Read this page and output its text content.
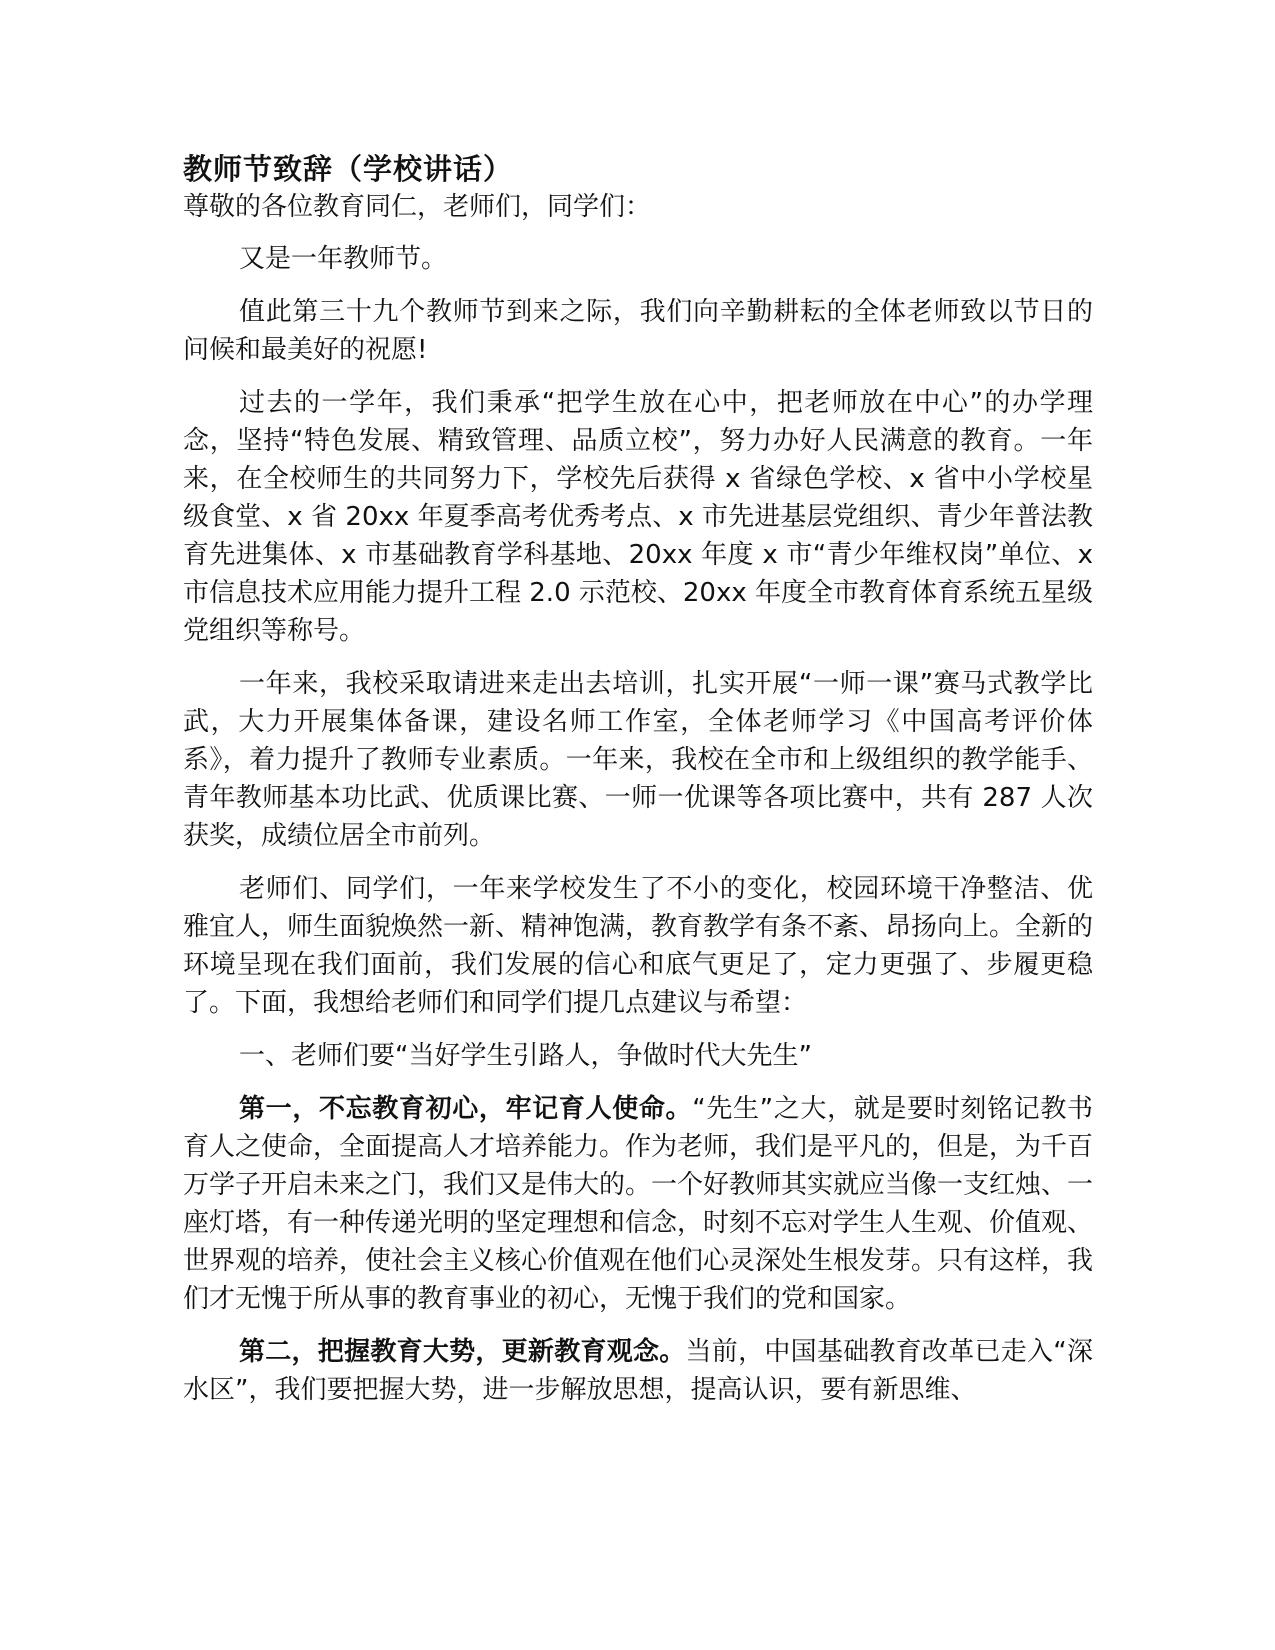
教师节致辞（学校讲话）

尊敬的各位教育同仁，老师们，同学们：

又是一年教师节。

值此第三十九个教师节到来之际，我们向辛勤耕耘的全体老师致以节日的问候和最美好的祝愿!

过去的一学年，我们秉承“把学生放在心中，把老师放在中心”的办学理念，坚持“特色发展、精致管理、品质立校”，努力办好人民满意的教育。一年来，在全校师生的共同努力下，学校先后获得 x 省绿色学校、x 省中小学校星级食堂、x 省 20xx 年夏季高考优秀考点、x 市先进基层党组织、青少年普法教育先进集体、x 市基础教育学科基地、20xx 年度 x 市“青少年维权岗”单位、x 市信息技术应用能力提升工程 2.0 示范校、20xx 年度全市教育体育系统五星级党组织等称号。

一年来，我校采取请进来走出去培训，扎实开展“一师一课”赛马式教学比武，大力开展集体备课，建设名师工作室，全体老师学习《中国高考评价体系》，着力提升了教师专业素质。一年来，我校在全市和上级组织的教学能手、青年教师基本功比武、优质课比赛、一师一优课等各项比赛中，共有 287 人次获奖，成绩位居全市前列。

老师们、同学们，一年来学校发生了不小的变化，校园环境干净整洁、优雅宜人，师生面貌焕然一新、精神饱满，教育教学有条不紊、昂扬向上。全新的环境呈现在我们面前，我们发展的信心和底气更足了，定力更强了、步履更稳了。下面，我想给老师们和同学们提几点建议与希望：

一、老师们要“当好学生引路人，争做时代大先生”

第一，不忘教育初心，牢记育人使命。“先生”之大，就是要时刻铭记教书育人之使命，全面提高人才培养能力。作为老师，我们是平凡的，但是，为千百万学子开启未来之门，我们又是伟大的。一个好教师其实就应当像一支红烛、一座灯塔，有一种传递光明的坚定理想和信念，时刻不忘对学生人生观、价值观、世界观的培养，使社会主义核心价值观在他们心灵深处生根发芽。只有这样，我们才无愧于所从事的教育事业的初心，无愧于我们的党和国家。

第二，把握教育大势，更新教育观念。当前，中国基础教育改革已走入“深水区”，我们要把握大势，进一步解放思想，提高认识，要有新思维、
